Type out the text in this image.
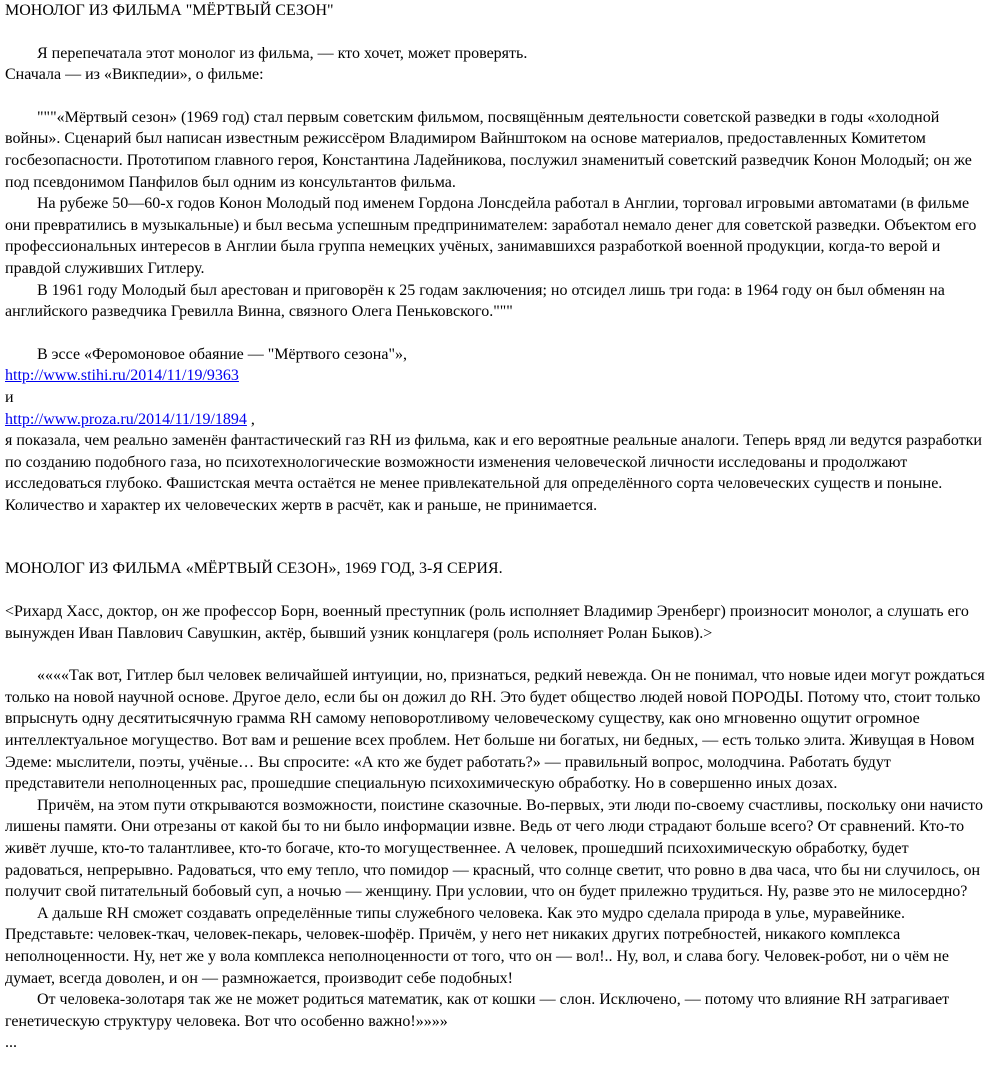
МОНОЛОГ ИЗ ФИЛЬМА "МЁРТВЫЙ СЕЗОН"

Я перепечатала этот монолог из фильма, — кто хочет, может проверять.

Сначала — из «Викпедии», о фильме:

"""«Мёртвый сезон» (1969 год) стал первым советским фильмом, посвящённым деятельности советской разведки в годы «холодной войны». Сценарий был написан известным режиссёром Владимиром Вайнштоком на основе материалов, предоставленных Комитетом госбезопасности. Прототипом главного героя, Константина Ладейникова, послужил знаменитый советский разведчик Конон Молодый; он же под псевдонимом Панфилов был одним из консультантов фильма.

На рубеже 50—60-х годов Конон Молодый под именем Гордона Лонсдейла работал в Англии, торговал игровыми автоматами (в фильме они превратились в музыкальные) и был весьма успешным предпринимателем: заработал немало денег для советской разведки. Объектом его профессиональных интересов в Англии была группа немецких учёных, занимавшихся разработкой военной продукции, когда-то верой и правдой служивших Гитлеру.

В 1961 году Молодый был арестован и приговорён к 25 годам заключения; но отсидел лишь три года: в 1964 году он был обменян на английского разведчика Гревилла Винна, связного Олега Пеньковского."""

В эссе «Феромоновое обаяние — "Мёртвого сезона"»,

http://www.stihi.ru/2014/11/19/9363

и

http://www.proza.ru/2014/11/19/1894 ,

я показала, чем реально заменён фантастический газ RH из фильма, как и его вероятные реальные аналоги. Теперь вряд ли ведутся разработки по созданию подобного газа, но психотехнологические возможности изменения человеческой личности исследованы и продолжают исследоваться глубоко. Фашистская мечта остаётся не менее привлекательной для определённого сорта человеческих существ и поныне. Количество и характер их человеческих жертв в расчёт, как и раньше, не принимается.

МОНОЛОГ ИЗ ФИЛЬМА «МЁРТВЫЙ СЕЗОН», 1969 ГОД, 3-Я СЕРИЯ.

<Рихард Хасс, доктор, он же профессор Борн, военный преступник (роль исполняет Владимир Эренберг) произносит монолог, а слушать его вынужден Иван Павлович Савушкин, актёр, бывший узник концлагеря (роль исполняет Ролан Быков).>

««««Так вот, Гитлер был человек величайшей интуиции, но, признаться, редкий невежда. Он не понимал, что новые идеи могут рождаться только на новой научной основе. Другое дело, если бы он дожил до RH. Это будет общество людей новой ПОРОДЫ. Потому что, стоит только впрыснуть одну десятитысячную грамма RH самому неповоротливому человеческому существу, как оно мгновенно ощутит огромное интеллектуальное могущество. Вот вам и решение всех проблем. Нет больше ни богатых, ни бедных, — есть только элита. Живущая в Новом Эдеме: мыслители, поэты, учёные… Вы спросите: «А кто же будет работать?» — правильный вопрос, молодчина. Работать будут представители неполноценных рас, прошедшие специальную психохимическую обработку. Но в совершенно иных дозах.

Причём, на этом пути открываются возможности, поистине сказочные. Во-первых, эти люди по-своему счастливы, поскольку они начисто лишены памяти. Они отрезаны от какой бы то ни было информации извне. Ведь от чего люди страдают больше всего? От сравнений. Кто-то живёт лучше, кто-то талантливее, кто-то богаче, кто-то могущественнее. А человек, прошедший психохимическую обработку, будет радоваться, непрерывно. Радоваться, что ему тепло, что помидор — красный, что солнце светит, что ровно в два часа, что бы ни случилось, он получит свой питательный бобовый суп, а ночью — женщину. При условии, что он будет прилежно трудиться. Ну, разве это не милосердно?

А дальше RH сможет создавать определённые типы служебного человека. Как это мудро сделала природа в улье, муравейнике. Представьте: человек-ткач, человек-пекарь, человек-шофёр. Причём, у него нет никаких других потребностей, никакого комплекса неполноценности. Ну, нет же у вола комплекса неполноценности от того, что он — вол!.. Ну, вол, и слава богу. Человек-робот, ни о чём не думает, всегда доволен, и он — размножается, производит себе подобных!

От человека-золотаря так же не может родиться математик, как от кошки — слон. Исключено, — потому что влияние RH затрагивает генетическую структуру человека. Вот что особенно важно!»»»»

...
